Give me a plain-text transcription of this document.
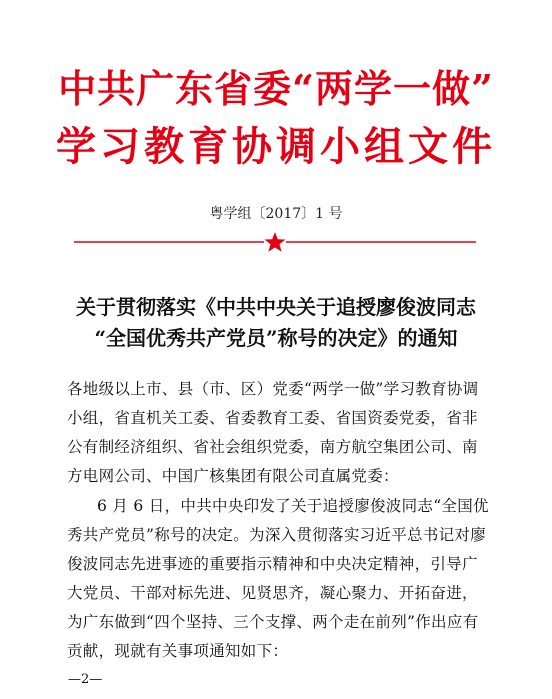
中共广东省委“两学一做”
学习教育协调小组文件
粤学组〔2017〕1 号
关于贯彻落实《中共中央关于追授廖俊波同志
“全国优秀共产党员”称号的决定》的通知
各地级以上市、县（市、区）党委“两学一做”学习教育协调
小组，省直机关工委、省委教育工委、省国资委党委，省非
公有制经济组织、省社会组织党委，南方航空集团公司、南
方电网公司、中国广核集团有限公司直属党委：
6 月 6 日，中共中央印发了关于追授廖俊波同志“全国优
秀共产党员”称号的决定。为深入贯彻落实习近平总书记对廖
俊波同志先进事迹的重要指示精神和中央决定精神，引导广
大党员、干部对标先进、见贤思齐，凝心聚力、开拓奋进，
为广东做到“四个坚持、三个支撑、两个走在前列”作出应有
贡献，现就有关事项通知如下：
—2—
